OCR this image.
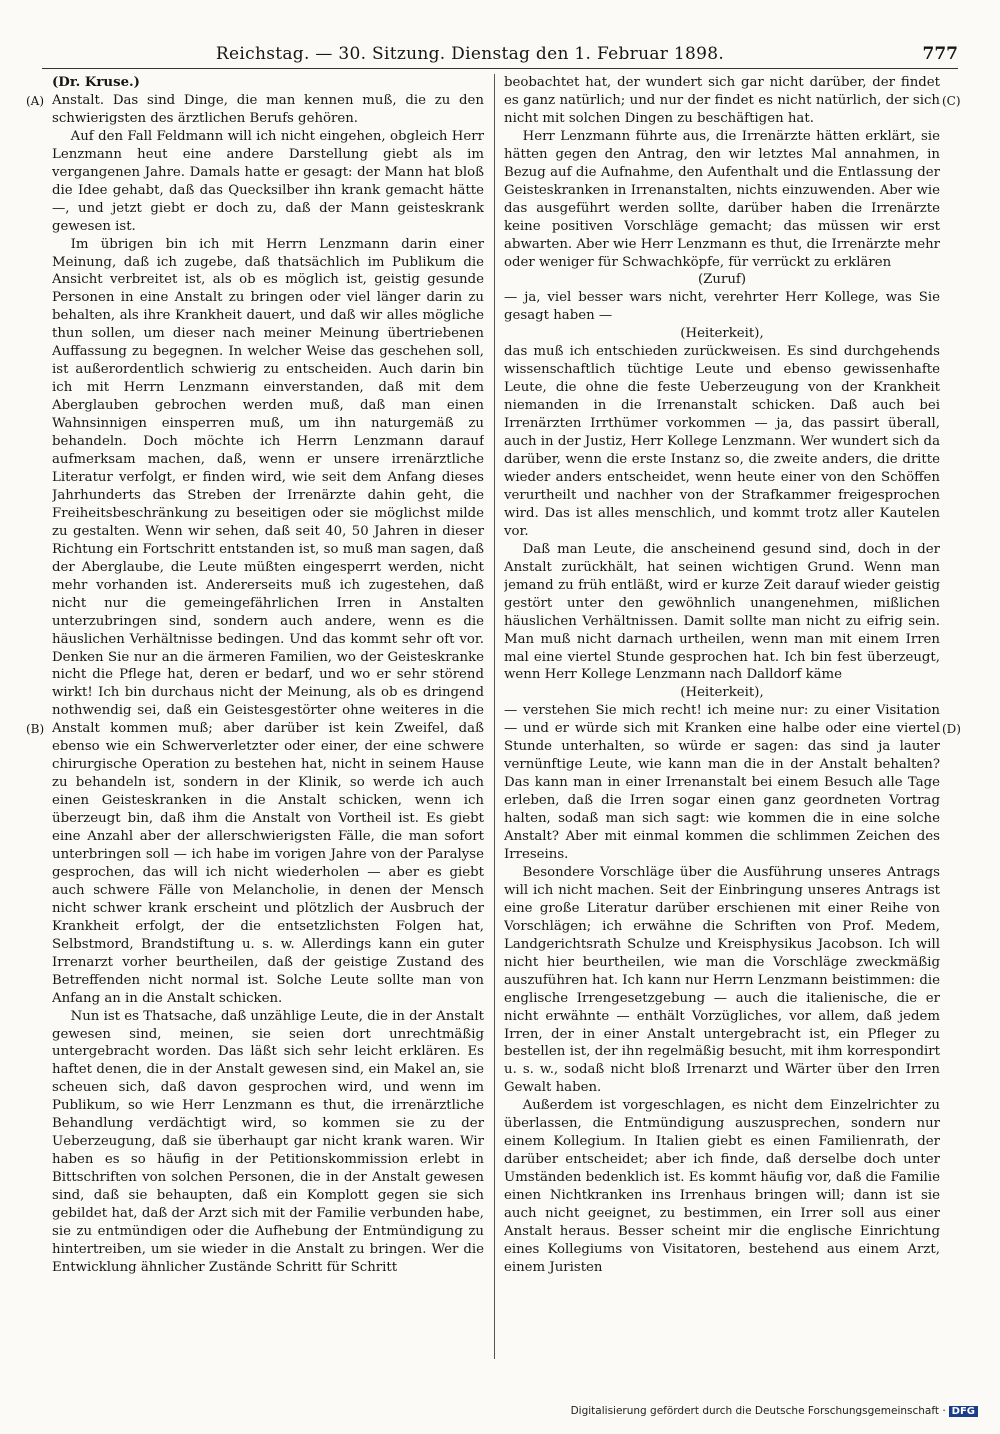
Reichstag. — 30. Sitzung. Dienstag den 1. Februar 1898.	777
(A)
(B)
(C)
(D)

(Dr. Kruse.)

Anstalt. Das sind Dinge, die man kennen muß, die zu den schwierigsten des ärztlichen Berufs gehören.

Auf den Fall Feldmann will ich nicht eingehen, obgleich Herr Lenzmann heut eine andere Darstellung giebt als im vergangenen Jahre. Damals hatte er gesagt: der Mann hat bloß die Idee gehabt, daß das Quecksilber ihn krank gemacht hätte —, und jetzt giebt er doch zu, daß der Mann geisteskrank gewesen ist.

Im übrigen bin ich mit Herrn Lenzmann darin einer Meinung, daß ich zugebe, daß thatsächlich im Publikum die Ansicht verbreitet ist, als ob es möglich ist, geistig gesunde Personen in eine Anstalt zu bringen oder viel länger darin zu behalten, als ihre Krankheit dauert, und daß wir alles mögliche thun sollen, um dieser nach meiner Meinung übertriebenen Auffassung zu begegnen. In welcher Weise das geschehen soll, ist außerordentlich schwierig zu entscheiden. Auch darin bin ich mit Herrn Lenzmann einverstanden, daß mit dem Aberglauben gebrochen werden muß, daß man einen Wahnsinnigen einsperren muß, um ihn naturgemäß zu behandeln. Doch möchte ich Herrn Lenzmann darauf aufmerksam machen, daß, wenn er unsere irrenärztliche Literatur verfolgt, er finden wird, wie seit dem Anfang dieses Jahrhunderts das Streben der Irrenärzte dahin geht, die Freiheitsbeschränkung zu beseitigen oder sie möglichst milde zu gestalten. Wenn wir sehen, daß seit 40, 50 Jahren in dieser Richtung ein Fortschritt entstanden ist, so muß man sagen, daß der Aberglaube, die Leute müßten eingesperrt werden, nicht mehr vorhanden ist. Andererseits muß ich zugestehen, daß nicht nur die gemeingefährlichen Irren in Anstalten unterzubringen sind, sondern auch andere, wenn es die häuslichen Verhältnisse bedingen. Und das kommt sehr oft vor. Denken Sie nur an die ärmeren Familien, wo der Geisteskranke nicht die Pflege hat, deren er bedarf, und wo er sehr störend wirkt! Ich bin durchaus nicht der Meinung, als ob es dringend nothwendig sei, daß ein Geistesgestörter ohne weiteres in die Anstalt kommen muß; aber darüber ist kein Zweifel, daß ebenso wie ein Schwerverletzter oder einer, der eine schwere chirurgische Operation zu bestehen hat, nicht in seinem Hause zu behandeln ist, sondern in der Klinik, so werde ich auch einen Geisteskranken in die Anstalt schicken, wenn ich überzeugt bin, daß ihm die Anstalt von Vortheil ist. Es giebt eine Anzahl aber der allerschwierigsten Fälle, die man sofort unterbringen soll — ich habe im vorigen Jahre von der Paralyse gesprochen, das will ich nicht wiederholen — aber es giebt auch schwere Fälle von Melancholie, in denen der Mensch nicht schwer krank erscheint und plötzlich der Ausbruch der Krankheit erfolgt, der die entsetzlichsten Folgen hat, Selbstmord, Brandstiftung u. s. w. Allerdings kann ein guter Irrenarzt vorher beurtheilen, daß der geistige Zustand des Betreffenden nicht normal ist. Solche Leute sollte man von Anfang an in die Anstalt schicken.

Nun ist es Thatsache, daß unzählige Leute, die in der Anstalt gewesen sind, meinen, sie seien dort unrechtmäßig untergebracht worden. Das läßt sich sehr leicht erklären. Es haftet denen, die in der Anstalt gewesen sind, ein Makel an, sie scheuen sich, daß davon gesprochen wird, und wenn im Publikum, so wie Herr Lenzmann es thut, die irrenärztliche Behandlung verdächtigt wird, so kommen sie zu der Ueberzeugung, daß sie überhaupt gar nicht krank waren. Wir haben es so häufig in der Petitionskommission erlebt in Bittschriften von solchen Personen, die in der Anstalt gewesen sind, daß sie behaupten, daß ein Komplott gegen sie sich gebildet hat, daß der Arzt sich mit der Familie verbunden habe, sie zu entmündigen oder die Aufhebung der Entmündigung zu hintertreiben, um sie wieder in die Anstalt zu bringen. Wer die Entwicklung ähnlicher Zustände Schritt für Schritt

beobachtet hat, der wundert sich gar nicht darüber, der findet es ganz natürlich; und nur der findet es nicht natürlich, der sich nicht mit solchen Dingen zu beschäftigen hat.

Herr Lenzmann führte aus, die Irrenärzte hätten erklärt, sie hätten gegen den Antrag, den wir letztes Mal annahmen, in Bezug auf die Aufnahme, den Aufenthalt und die Entlassung der Geisteskranken in Irrenanstalten, nichts einzuwenden. Aber wie das ausgeführt werden sollte, darüber haben die Irrenärzte keine positiven Vorschläge gemacht; das müssen wir erst abwarten. Aber wie Herr Lenzmann es thut, die Irrenärzte mehr oder weniger für Schwachköpfe, für verrückt zu erklären

(Zuruf)

— ja, viel besser wars nicht, verehrter Herr Kollege, was Sie gesagt haben —

(Heiterkeit),

das muß ich entschieden zurückweisen. Es sind durchgehends wissenschaftlich tüchtige Leute und ebenso gewissenhafte Leute, die ohne die feste Ueberzeugung von der Krankheit niemanden in die Irrenanstalt schicken. Daß auch bei Irrenärzten Irrthümer vorkommen — ja, das passirt überall, auch in der Justiz, Herr Kollege Lenzmann. Wer wundert sich da darüber, wenn die erste Instanz so, die zweite anders, die dritte wieder anders entscheidet, wenn heute einer von den Schöffen verurtheilt und nachher von der Strafkammer freigesprochen wird. Das ist alles menschlich, und kommt trotz aller Kautelen vor.

Daß man Leute, die anscheinend gesund sind, doch in der Anstalt zurückhält, hat seinen wichtigen Grund. Wenn man jemand zu früh entläßt, wird er kurze Zeit darauf wieder geistig gestört unter den gewöhnlich unangenehmen, mißlichen häuslichen Verhältnissen. Damit sollte man nicht zu eifrig sein. Man muß nicht darnach urtheilen, wenn man mit einem Irren mal eine viertel Stunde gesprochen hat. Ich bin fest überzeugt, wenn Herr Kollege Lenzmann nach Dalldorf käme

(Heiterkeit),

— verstehen Sie mich recht! ich meine nur: zu einer Visitation — und er würde sich mit Kranken eine halbe oder eine viertel Stunde unterhalten, so würde er sagen: das sind ja lauter vernünftige Leute, wie kann man die in der Anstalt behalten? Das kann man in einer Irrenanstalt bei einem Besuch alle Tage erleben, daß die Irren sogar einen ganz geordneten Vortrag halten, sodaß man sich sagt: wie kommen die in eine solche Anstalt? Aber mit einmal kommen die schlimmen Zeichen des Irreseins.

Besondere Vorschläge über die Ausführung unseres Antrags will ich nicht machen. Seit der Einbringung unseres Antrags ist eine große Literatur darüber erschienen mit einer Reihe von Vorschlägen; ich erwähne die Schriften von Prof. Medem, Landgerichtsrath Schulze und Kreisphysikus Jacobson. Ich will nicht hier beurtheilen, wie man die Vorschläge zweckmäßig auszuführen hat. Ich kann nur Herrn Lenzmann beistimmen: die englische Irrengesetzgebung — auch die italienische, die er nicht erwähnte — enthält Vorzügliches, vor allem, daß jedem Irren, der in einer Anstalt untergebracht ist, ein Pfleger zu bestellen ist, der ihn regelmäßig besucht, mit ihm korrespondirt u. s. w., sodaß nicht bloß Irrenarzt und Wärter über den Irren Gewalt haben.

Außerdem ist vorgeschlagen, es nicht dem Einzelrichter zu überlassen, die Entmündigung auszusprechen, sondern nur einem Kollegium. In Italien giebt es einen Familienrath, der darüber entscheidet; aber ich finde, daß derselbe doch unter Umständen bedenklich ist. Es kommt häufig vor, daß die Familie einen Nichtkranken ins Irrenhaus bringen will; dann ist sie auch nicht geeignet, zu bestimmen, ein Irrer soll aus einer Anstalt heraus. Besser scheint mir die englische Einrichtung eines Kollegiums von Visitatoren, bestehend aus einem Arzt, einem Juristen

Digitalisierung gefördert durch die Deutsche Forschungsgemeinschaft · DFG
